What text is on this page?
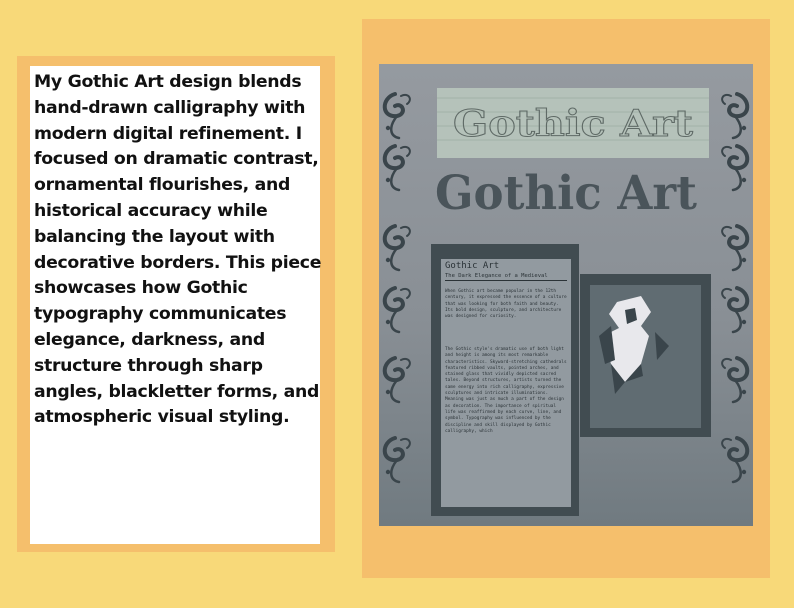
My Gothic Art design blends hand-drawn calligraphy with modern digital refinement. I focused on dramatic contrast, ornamental flourishes, and historical accuracy while balancing the layout with decorative borders. This piece showcases how Gothic typography communicates elegance, darkness, and structure through sharp angles, blackletter forms, and atmospheric visual styling.

Gothic Art
Gothic Art
Gothic Art
The Dark Elegance of a Medieval

When Gothic art became popular in the 12th century, it expressed the essence of a culture that was looking for both faith and beauty. Its bold design, sculpture, and architecture was designed for curiosity.

The Gothic style's dramatic use of both light and height is among its most remarkable characteristics. Skyward-stretching cathedrals featured ribbed vaults, pointed arches, and stained glass that vividly depicted sacred tales. Beyond structures, artists turned the same energy into rich calligraphy, expressive sculptures and intricate illuminations. Meaning was just as much a part of the design as decoration. The importance of spiritual life was reaffirmed by each curve, line, and symbol. Typography was influenced by the discipline and skill displayed by Gothic calligraphy, which
